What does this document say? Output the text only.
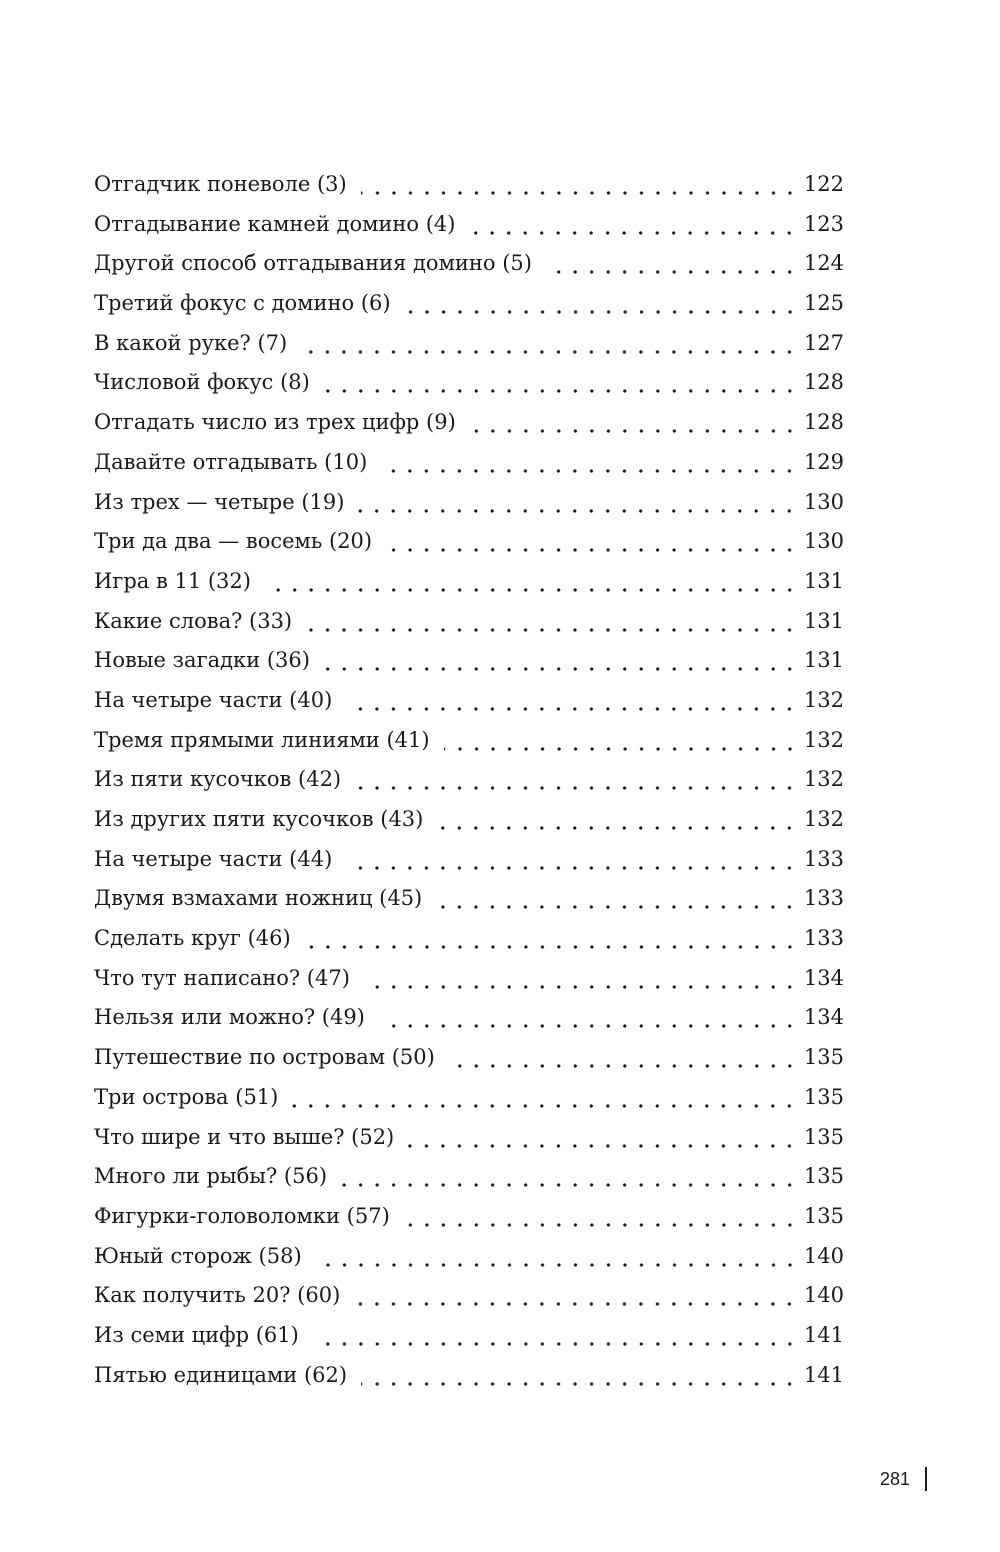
Отгадчик поневоле (3)	122
Отгадывание камней домино (4)	123
Другой способ отгадывания домино (5)	124
Третий фокус с домино (6)	125
В какой руке? (7)	127
Числовой фокус (8)	128
Отгадать число из трех цифр (9)	128
Давайте отгадывать (10)	129
Из трех — четыре (19)	130
Три да два — восемь (20)	130
Игра в 11 (32)	131
Какие слова? (33)	131
Новые загадки (36)	131
На четыре части (40)	132
Тремя прямыми линиями (41)	132
Из пяти кусочков (42)	132
Из других пяти кусочков (43)	132
На четыре части (44)	133
Двумя взмахами ножниц (45)	133
Сделать круг (46)	133
Что тут написано? (47)	134
Нельзя или можно? (49)	134
Путешествие по островам (50)	135
Три острова (51)	135
Что шире и что выше? (52)	135
Много ли рыбы? (56)	135
Фигурки-головоломки (57)	135
Юный сторож (58)	140
Как получить 20? (60)	140
Из семи цифр (61)	141
Пятью единицами (62)	141
281
